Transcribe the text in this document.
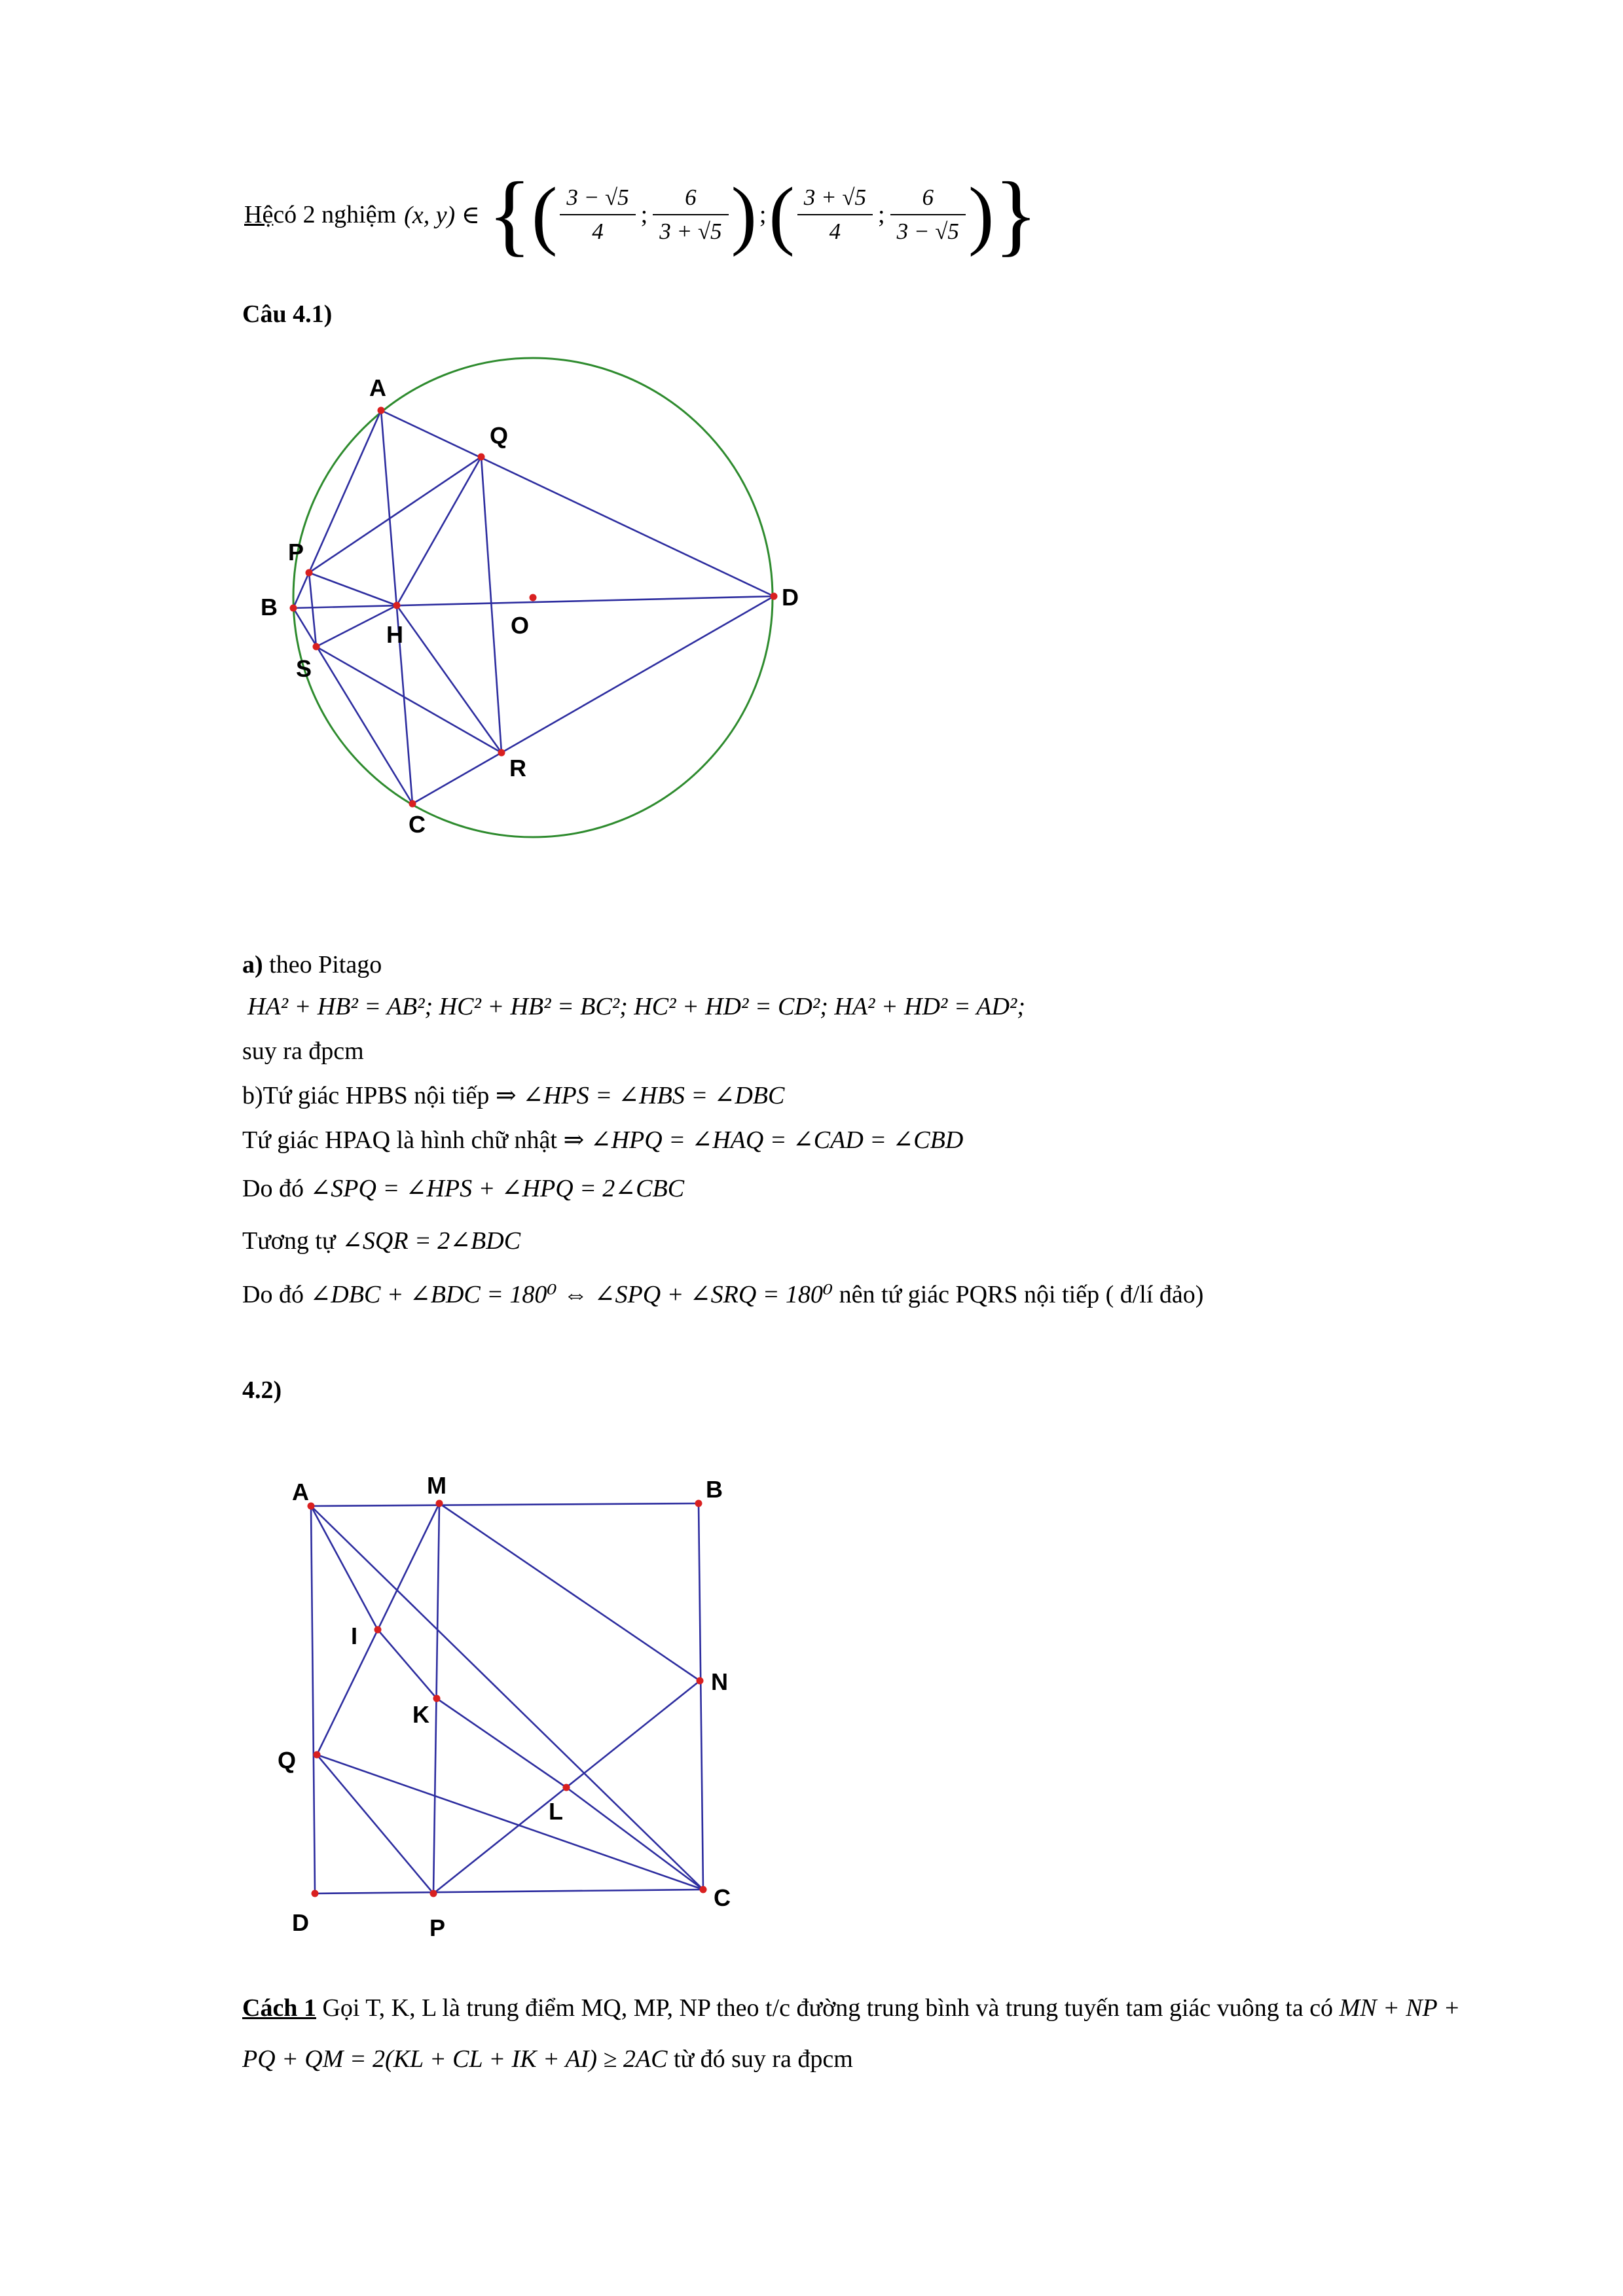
Hệ có 2 nghiệm (x, y) ∈ { ( $\frac{3 - √5}{4}$ ; $\frac{6}{3 + √5}$ ) ; ( $\frac{3 + √5}{4}$ ; $\frac{6}{3 - √5}$ ) }
Câu 4.1)
A
Q
P
B
H
S
O
D
R
C
a) theo Pitago
HA² + HB² = AB²; HC² + HB² = BC²; HC² + HD² = CD²; HA² + HD² = AD²;
suy ra đpcm
b)Tứ giác HPBS nội tiếp ⇒ ∠HPS = ∠HBS = ∠DBC
Tứ giác HPAQ là hình chữ nhật ⇒ ∠HPQ = ∠HAQ = ∠CAD = ∠CBD
Do đó ∠SPQ = ∠HPS + ∠HPQ = 2∠CBC
Tương tự ∠SQR = 2∠BDC
Do đó ∠DBC + ∠BDC = 180⁰ ⇔ ∠SPQ + ∠SRQ = 180⁰ nên tứ giác PQRS nội tiếp ( đ/lí đảo)
4.2)
A	M	B
N
C
P
D
Q
I
K
L
Cách 1 Gọi T, K, L là trung điểm MQ, MP, NP theo t/c đường trung bình và trung tuyến tam giác vuông ta có MN + NP + PQ + QM = 2(KL + CL + IK + AI) ≥ 2AC từ đó suy ra đpcm
